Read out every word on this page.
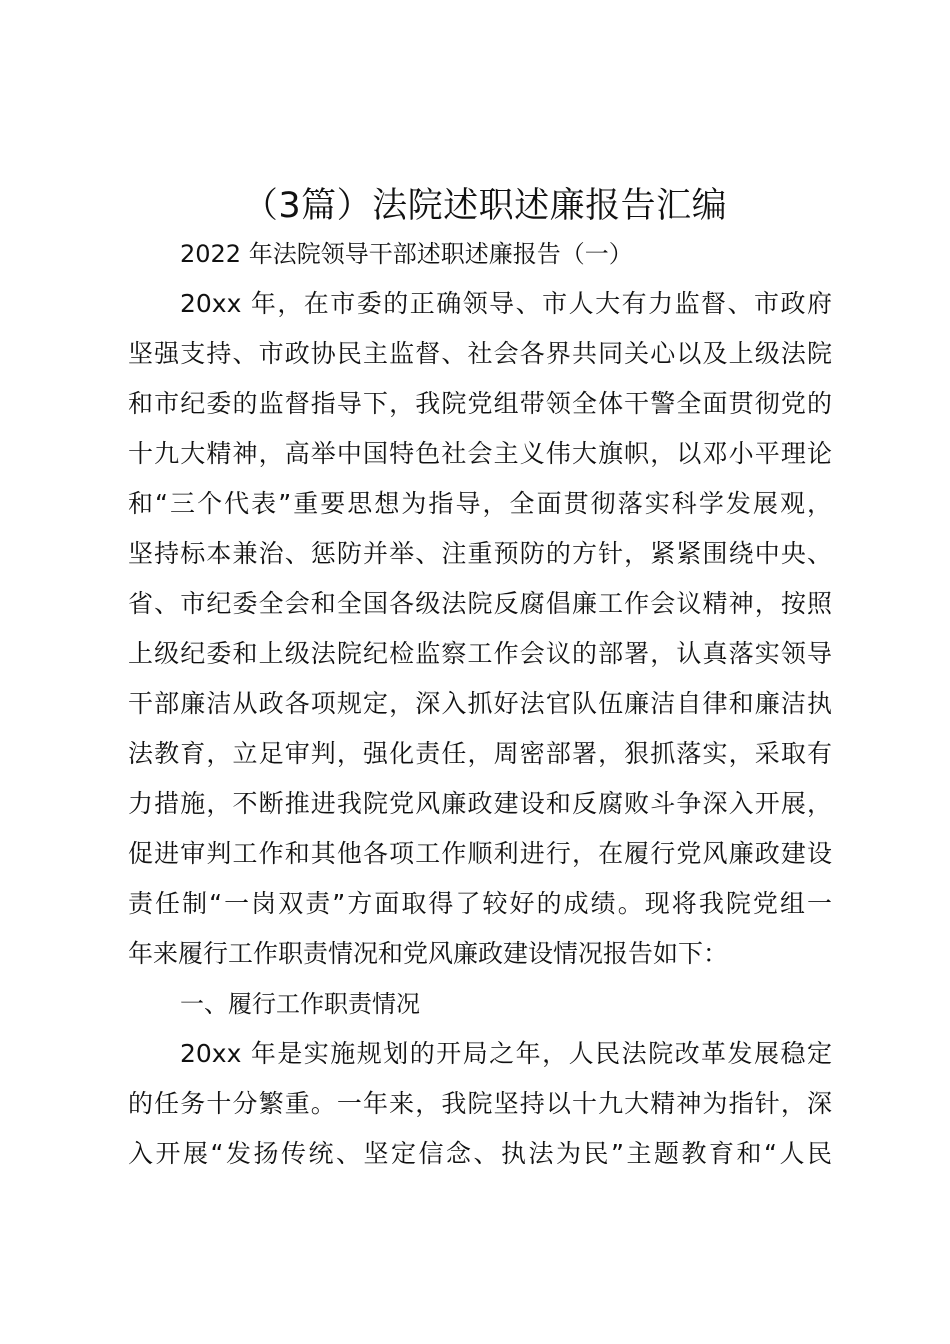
（3篇）法院述职述廉报告汇编
2022 年法院领导干部述职述廉报告（一）
20xx 年，在市委的正确领导、市人大有力监督、市政府
坚强支持、市政协民主监督、社会各界共同关心以及上级法院
和市纪委的监督指导下，我院党组带领全体干警全面贯彻党的
十九大精神，高举中国特色社会主义伟大旗帜，以邓小平理论
和“三个代表”重要思想为指导，全面贯彻落实科学发展观，
坚持标本兼治、惩防并举、注重预防的方针，紧紧围绕中央、
省、市纪委全会和全国各级法院反腐倡廉工作会议精神，按照
上级纪委和上级法院纪检监察工作会议的部署，认真落实领导
干部廉洁从政各项规定，深入抓好法官队伍廉洁自律和廉洁执
法教育，立足审判，强化责任，周密部署，狠抓落实，采取有
力措施，不断推进我院党风廉政建设和反腐败斗争深入开展，
促进审判工作和其他各项工作顺利进行，在履行党风廉政建设
责任制“一岗双责”方面取得了较好的成绩。现将我院党组一
年来履行工作职责情况和党风廉政建设情况报告如下：
一、履行工作职责情况
20xx 年是实施规划的开局之年，人民法院改革发展稳定
的任务十分繁重。一年来，我院坚持以十九大精神为指针，深
入开展“发扬传统、坚定信念、执法为民”主题教育和“人民
